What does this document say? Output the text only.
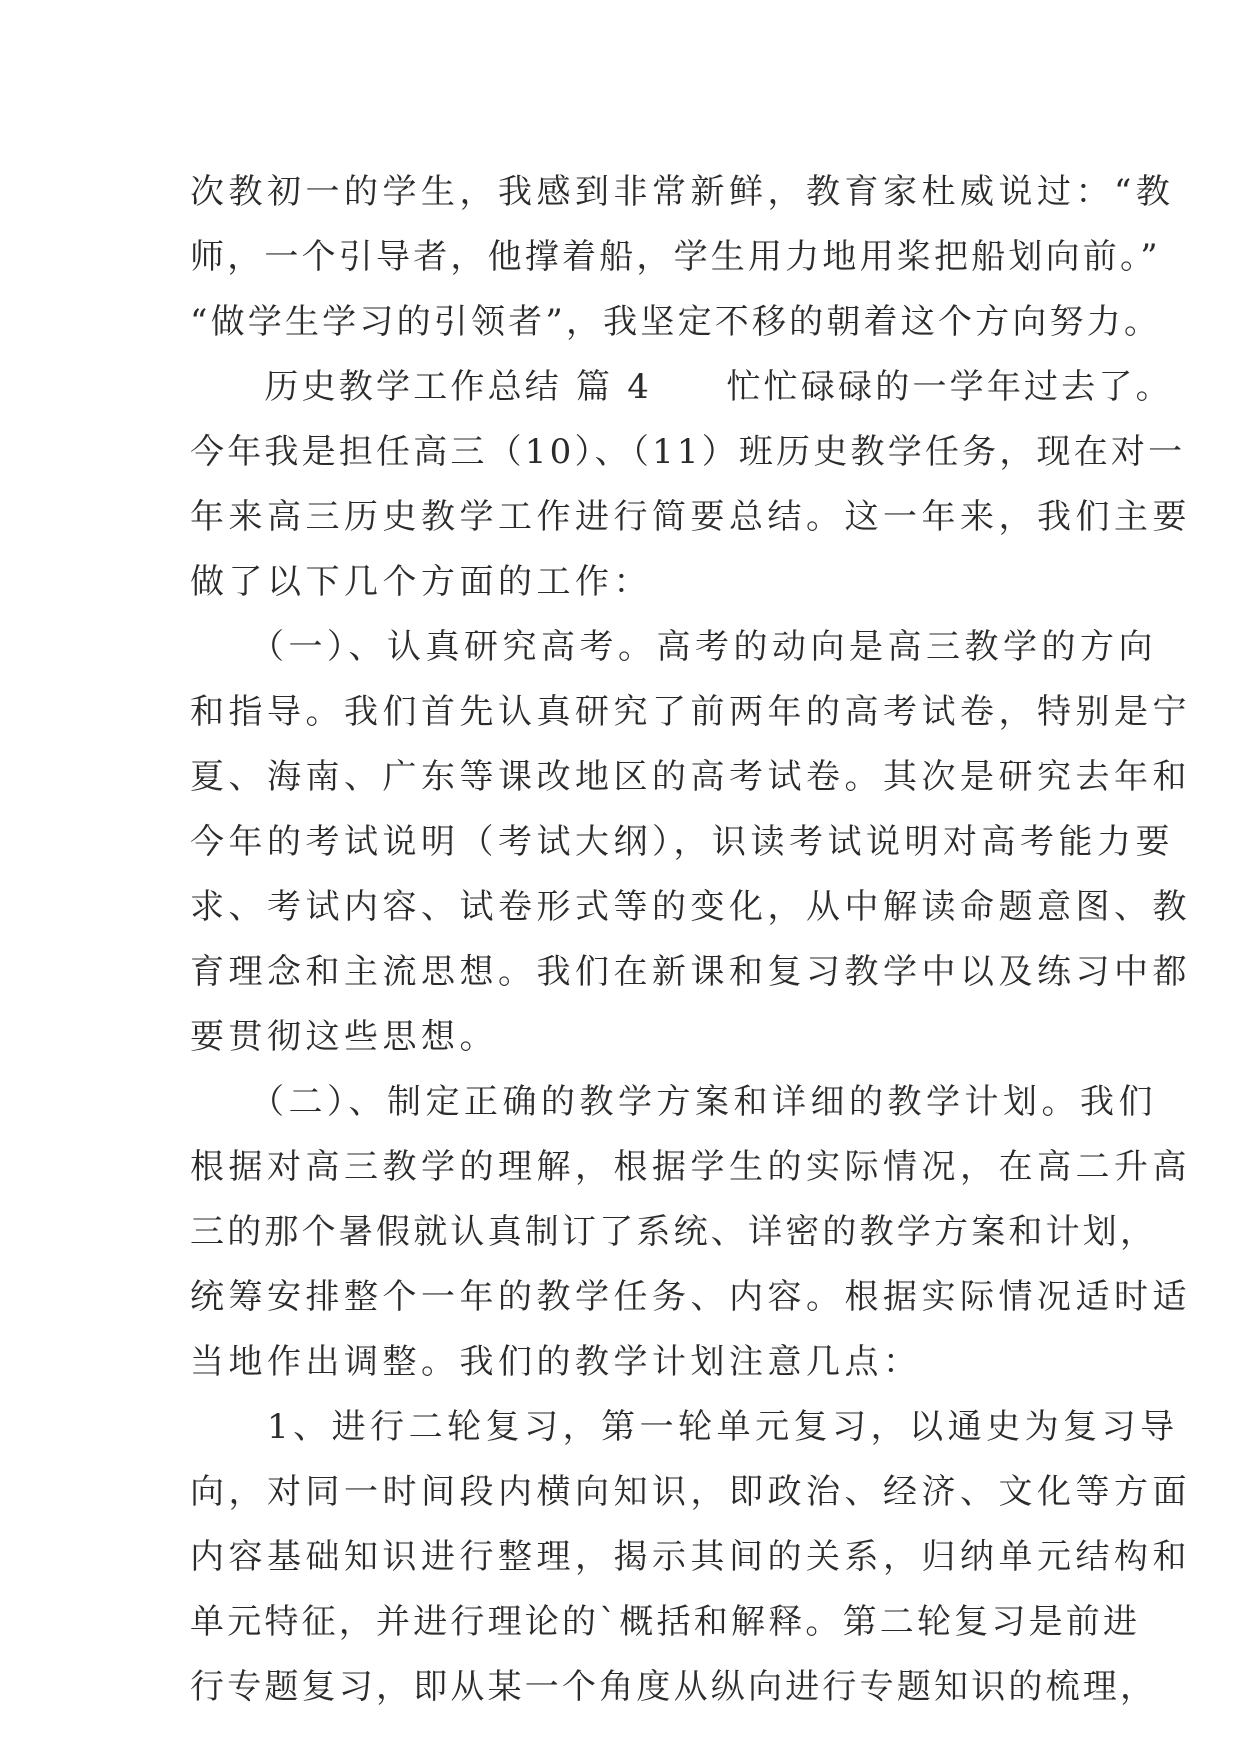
次教初一的学生，我感到非常新鲜，教育家杜威说过：“教
师，一个引导者，他撑着船，学生用力地用桨把船划向前。”
“做学生学习的引领者”，我坚定不移的朝着这个方向努力。
　　历史教学工作总结 篇 4　　忙忙碌碌的一学年过去了。
今年我是担任高三（10）、（11）班历史教学任务，现在对一
年来高三历史教学工作进行简要总结。这一年来，我们主要
做了以下几个方面的工作：
　　（一）、认真研究高考。高考的动向是高三教学的方向
和指导。我们首先认真研究了前两年的高考试卷，特别是宁
夏、海南、广东等课改地区的高考试卷。其次是研究去年和
今年的考试说明（考试大纲），识读考试说明对高考能力要
求、考试内容、试卷形式等的变化，从中解读命题意图、教
育理念和主流思想。我们在新课和复习教学中以及练习中都
要贯彻这些思想。
　　（二）、制定正确的教学方案和详细的教学计划。我们
根据对高三教学的理解，根据学生的实际情况，在高二升高
三的那个暑假就认真制订了系统、详密的教学方案和计划，
统筹安排整个一年的教学任务、内容。根据实际情况适时适
当地作出调整。我们的教学计划注意几点：
　　1、进行二轮复习，第一轮单元复习，以通史为复习导
向，对同一时间段内横向知识，即政治、经济、文化等方面
内容基础知识进行整理，揭示其间的关系，归纳单元结构和
单元特征，并进行理论的`概括和解释。第二轮复习是前进
行专题复习，即从某一个角度从纵向进行专题知识的梳理，
